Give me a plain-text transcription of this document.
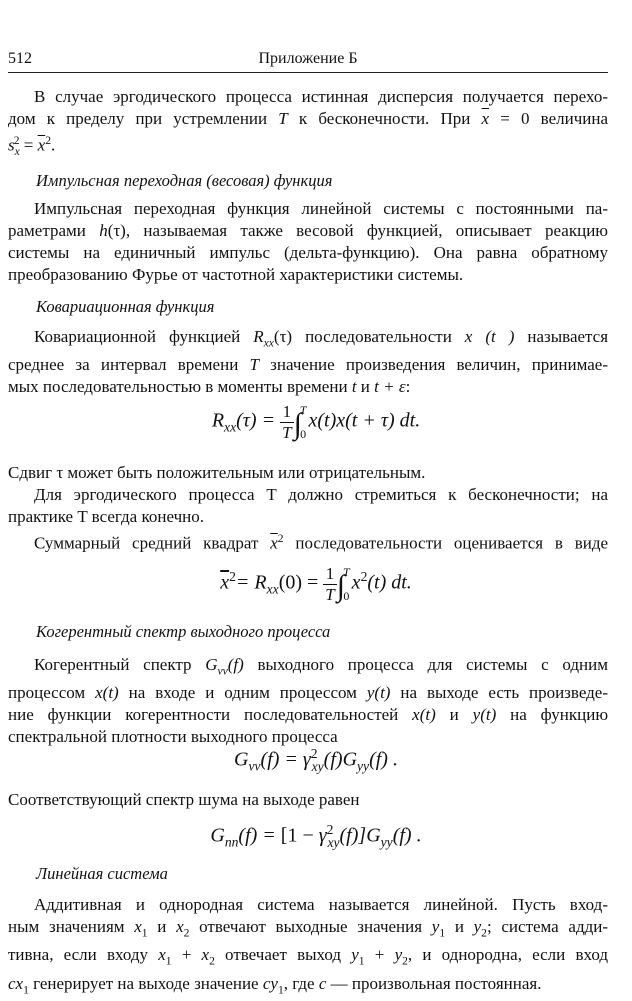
512	Приложение Б

В случае эргодического процесса истинная дисперсия получается перехо-

дом к пределу при устремлении T к бесконечности. При $\overline{x} = 0$ величина

$s_x^2 = \overline{x}^2$.

Импульсная переходная (весовая) функция

Импульсная переходная функция линейной системы с постоянными па-

раметрами h(τ), называемая также весовой функцией, описывает реакцию

системы на единичный импульс (дельта-функцию). Она равна обратному

преобразованию Фурье от частотной характеристики системы.

Ковариационная функция

Ковариационной функцией $R_{xx}(\tau)$ последовательности x (t ) называется

среднее за интервал времени T значение произведения величин, принимае-

мых последовательностью в моменты времени t и t + ε:

$R_{xx}(\tau) = \frac{1}{T}$ ∫
T
0
x(t)x(t + τ) dt.

Сдвиг τ может быть положительным или отрицательным.

Для эргодического процесса T должно стремиться к бесконечности; на

практике T всегда конечно.

Суммарный средний квадрат $\overline{x}^2$ последовательности оценивается в виде

$\overline{x}^2= R_{xx}(0) = \frac{1}{T}$ ∫
T
0
$x^2(t)$ dt.
Когерентный спектр выходного процесса

Когерентный спектр $G_{vv}(f)$ выходного процесса для системы с одним

процессом x(t) на входе и одним процессом y(t) на выходе есть произведе-

ние функции когерентности последовательностей x(t) и y(t) на функцию

спектральной плотности выходного процесса

$G_{vv}(f) = \gamma^2_{xy}(f)G_{yy}(f)$ .

Соответствующий спектр шума на выходе равен

$G_{nn}(f) = [1 - \gamma^2_{xy}(f)]G_{yy}(f)$ .
Линейная система

Аддитивная и однородная система называется линейной. Пусть вход-

ным значениям $x_1$ и $x_2$ отвечают выходные значения $y_1$ и $y_2$; система адди-

тивна, если входу $x_1 + x_2$ отвечает выход $y_1 + y_2$, и однородна, если вход

$cx_1$ генерирует на выходе значение $cy_1$, где c — произвольная постоянная.
